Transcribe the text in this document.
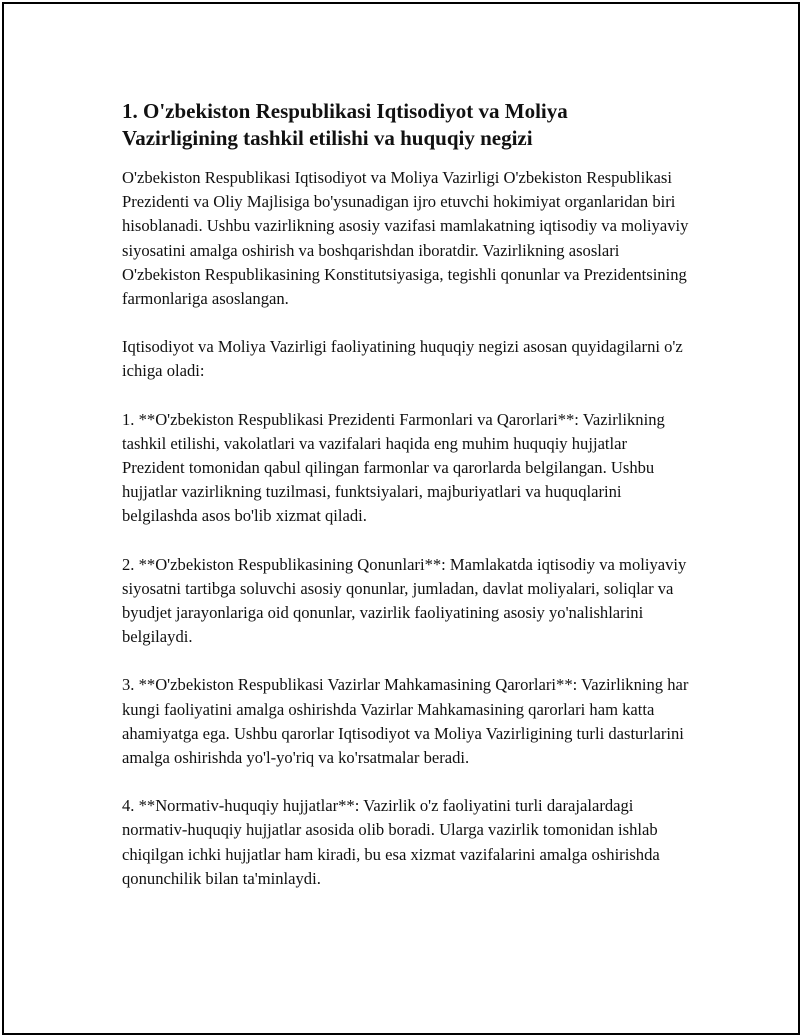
1. O'zbekiston Respublikasi Iqtisodiyot va Moliya
Vazirligining tashkil etilishi va huquqiy negizi

O'zbekiston Respublikasi Iqtisodiyot va Moliya Vazirligi O'zbekiston Respublikasi Prezidenti va Oliy Majlisiga bo'ysunadigan ijro etuvchi hokimiyat organlaridan biri hisoblanadi. Ushbu vazirlikning asosiy vazifasi mamlakatning iqtisodiy va moliyaviy siyosatini amalga oshirish va boshqarishdan iboratdir. Vazirlikning asoslari O'zbekiston Respublikasining Konstitutsiyasiga, tegishli qonunlar va Prezidentsining farmonlariga asoslangan.

Iqtisodiyot va Moliya Vazirligi faoliyatining huquqiy negizi asosan quyidagilarni o'z ichiga oladi:

1. **O'zbekiston Respublikasi Prezidenti Farmonlari va Qarorlari**: Vazirlikning tashkil etilishi, vakolatlari va vazifalari haqida eng muhim huquqiy hujjatlar Prezident tomonidan qabul qilingan farmonlar va qarorlarda belgilangan. Ushbu hujjatlar vazirlikning tuzilmasi, funktsiyalari, majburiyatlari va huquqlarini belgilashda asos bo'lib xizmat qiladi.

2. **O'zbekiston Respublikasining Qonunlari**: Mamlakatda iqtisodiy va moliyaviy siyosatni tartibga soluvchi asosiy qonunlar, jumladan, davlat moliyalari, soliqlar va byudjet jarayonlariga oid qonunlar, vazirlik faoliyatining asosiy yo'nalishlarini belgilaydi.

3. **O'zbekiston Respublikasi Vazirlar Mahkamasining Qarorlari**: Vazirlikning har kungi faoliyatini amalga oshirishda Vazirlar Mahkamasining qarorlari ham katta ahamiyatga ega. Ushbu qarorlar Iqtisodiyot va Moliya Vazirligining turli dasturlarini amalga oshirishda yo'l-yo'riq va ko'rsatmalar beradi.

4. **Normativ-huquqiy hujjatlar**: Vazirlik o'z faoliyatini turli darajalardagi normativ-huquqiy hujjatlar asosida olib boradi. Ularga vazirlik tomonidan ishlab chiqilgan ichki hujjatlar ham kiradi, bu esa xizmat vazifalarini amalga oshirishda qonunchilik bilan ta'minlaydi.
